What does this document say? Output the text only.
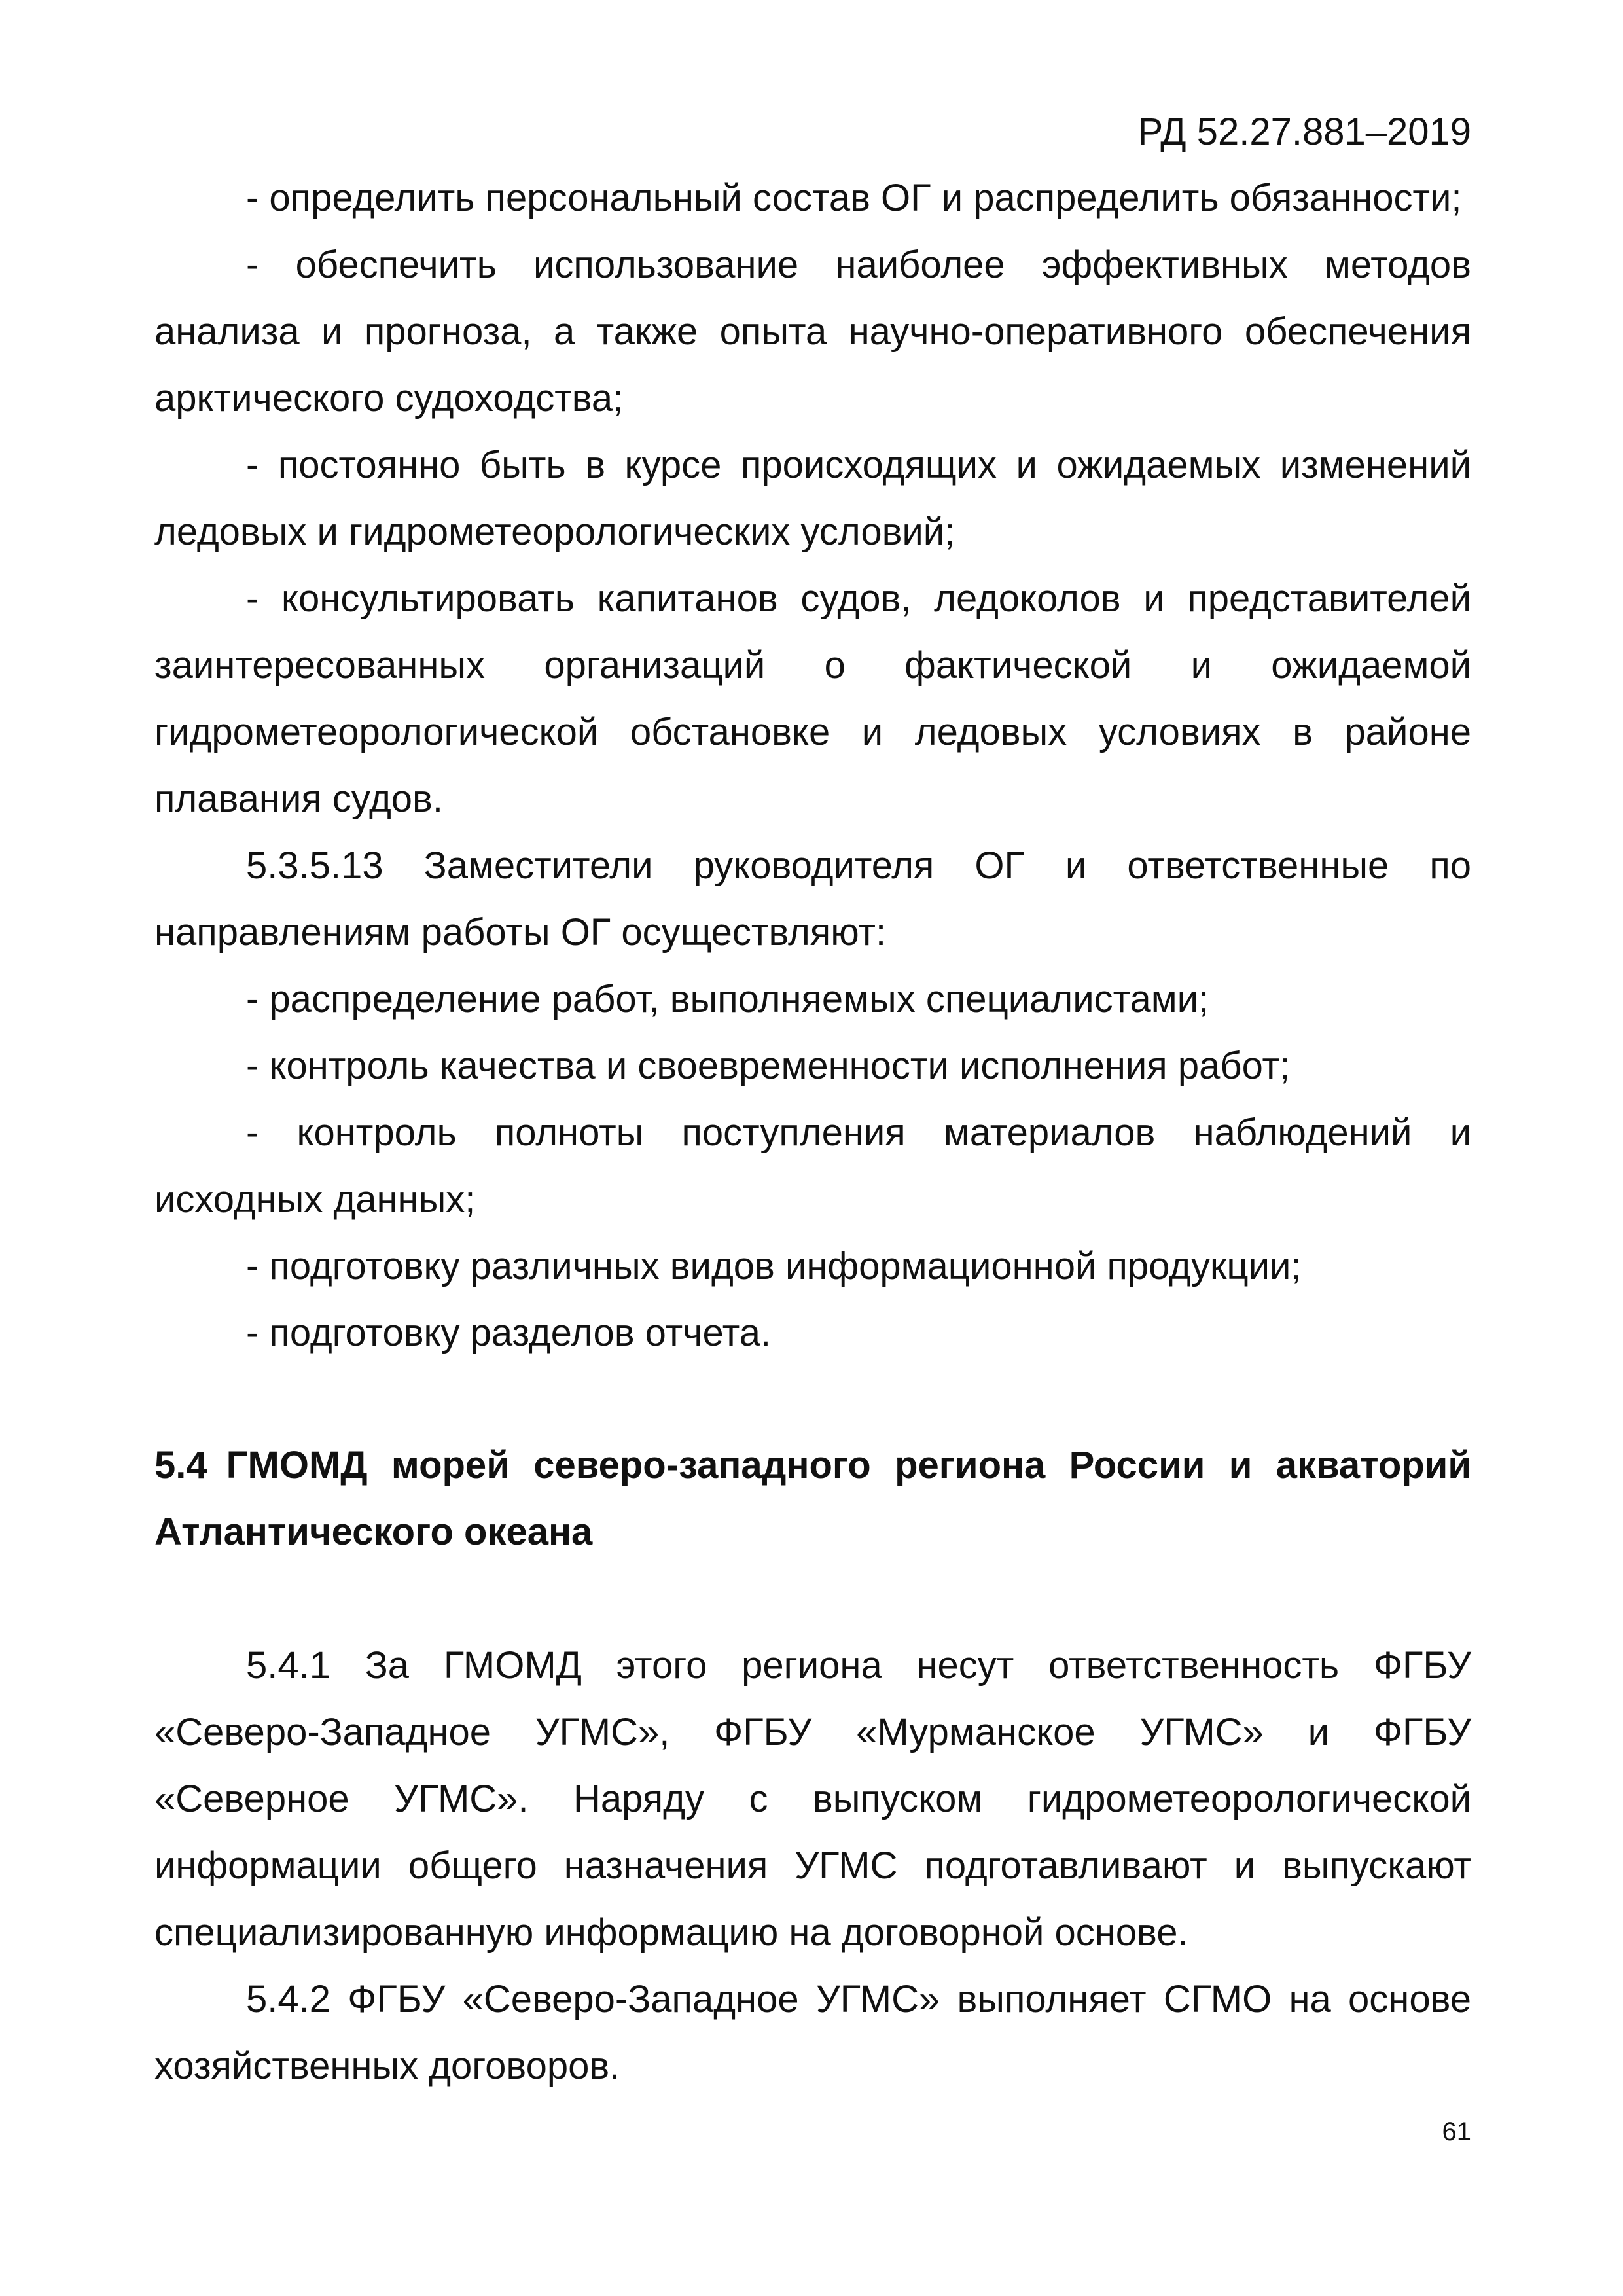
РД 52.27.881–2019

- определить персональный состав ОГ и распределить обязанности;

- обеспечить использование наиболее эффективных методов анализа и прогноза, а также опыта научно-оперативного обеспечения арктического судоходства;

- постоянно быть в курсе происходящих и ожидаемых изменений ледовых и гидрометеорологических условий;

- консультировать капитанов судов, ледоколов и представителей заинтересованных организаций о фактической и ожидаемой гидрометеорологической обстановке и ледовых условиях в районе плавания судов.

5.3.5.13 Заместители руководителя ОГ и ответственные по направлениям работы ОГ осуществляют:

- распределение работ, выполняемых специалистами;

- контроль качества и своевременности исполнения работ;

- контроль полноты поступления материалов наблюдений и исходных данных;

- подготовку различных видов информационной продукции;

- подготовку разделов отчета.

5.4 ГМОМД морей северо-западного региона России и акваторий Атлантического океана

5.4.1 За ГМОМД этого региона несут ответственность ФГБУ «Северо-Западное УГМС», ФГБУ «Мурманское УГМС» и ФГБУ «Северное УГМС». Наряду с выпуском гидрометеорологической информации общего назначения УГМС подготавливают и выпускают специализированную информацию на договорной основе.

5.4.2 ФГБУ «Северо-Западное УГМС» выполняет СГМО на основе хозяйственных договоров.

61
